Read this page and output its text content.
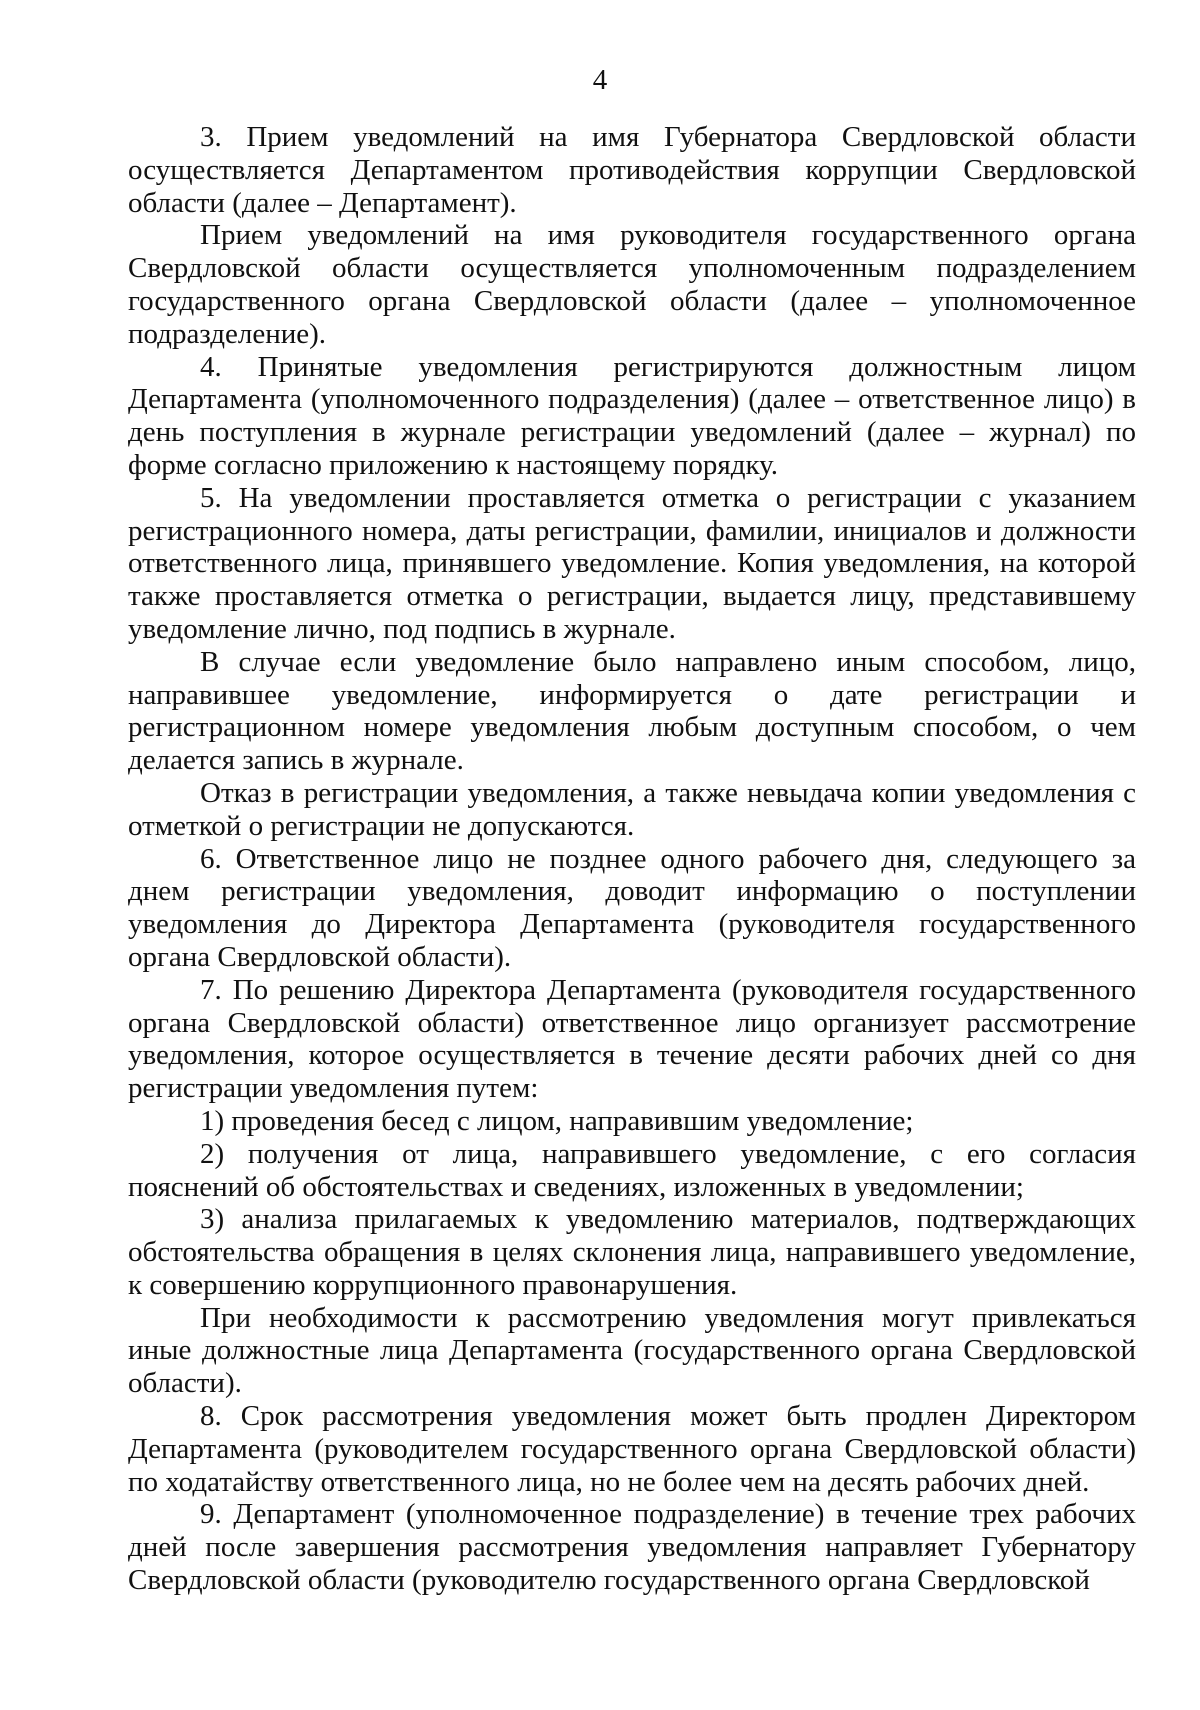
4

3. Прием уведомлений на имя Губернатора Свердловской области осуществляется Департаментом противодействия коррупции Свердловской области (далее – Департамент).

Прием уведомлений на имя руководителя государственного органа Свердловской области осуществляется уполномоченным подразделением государственного органа Свердловской области (далее – уполномоченное подразделение).

4. Принятые уведомления регистрируются должностным лицом Департамента (уполномоченного подразделения) (далее – ответственное лицо) в день поступления в журнале регистрации уведомлений (далее – журнал) по форме согласно приложению к настоящему порядку.

5. На уведомлении проставляется отметка о регистрации с указанием регистрационного номера, даты регистрации, фамилии, инициалов и должности ответственного лица, принявшего уведомление. Копия уведомления, на которой также проставляется отметка о регистрации, выдается лицу, представившему уведомление лично, под подпись в журнале.

В случае если уведомление было направлено иным способом, лицо, направившее уведомление, информируется о дате регистрации и регистрационном номере уведомления любым доступным способом, о чем делается запись в журнале.

Отказ в регистрации уведомления, а также невыдача копии уведомления с отметкой о регистрации не допускаются.

6. Ответственное лицо не позднее одного рабочего дня, следующего за днем регистрации уведомления, доводит информацию о поступлении уведомления до Директора Департамента (руководителя государственного органа Свердловской области).

7. По решению Директора Департамента (руководителя государственного органа Свердловской области) ответственное лицо организует рассмотрение уведомления, которое осуществляется в течение десяти рабочих дней со дня регистрации уведомления путем:

1) проведения бесед с лицом, направившим уведомление;

2) получения от лица, направившего уведомление, с его согласия пояснений об обстоятельствах и сведениях, изложенных в уведомлении;

3) анализа прилагаемых к уведомлению материалов, подтверждающих обстоятельства обращения в целях склонения лица, направившего уведомление, к совершению коррупционного правонарушения.

При необходимости к рассмотрению уведомления могут привлекаться иные должностные лица Департамента (государственного органа Свердловской области).

8. Срок рассмотрения уведомления может быть продлен Директором Департамента (руководителем государственного органа Свердловской области) по ходатайству ответственного лица, но не более чем на десять рабочих дней.

9. Департамент (уполномоченное подразделение) в течение трех рабочих дней после завершения рассмотрения уведомления направляет Губернатору Свердловской области (руководителю государственного органа Свердловской
